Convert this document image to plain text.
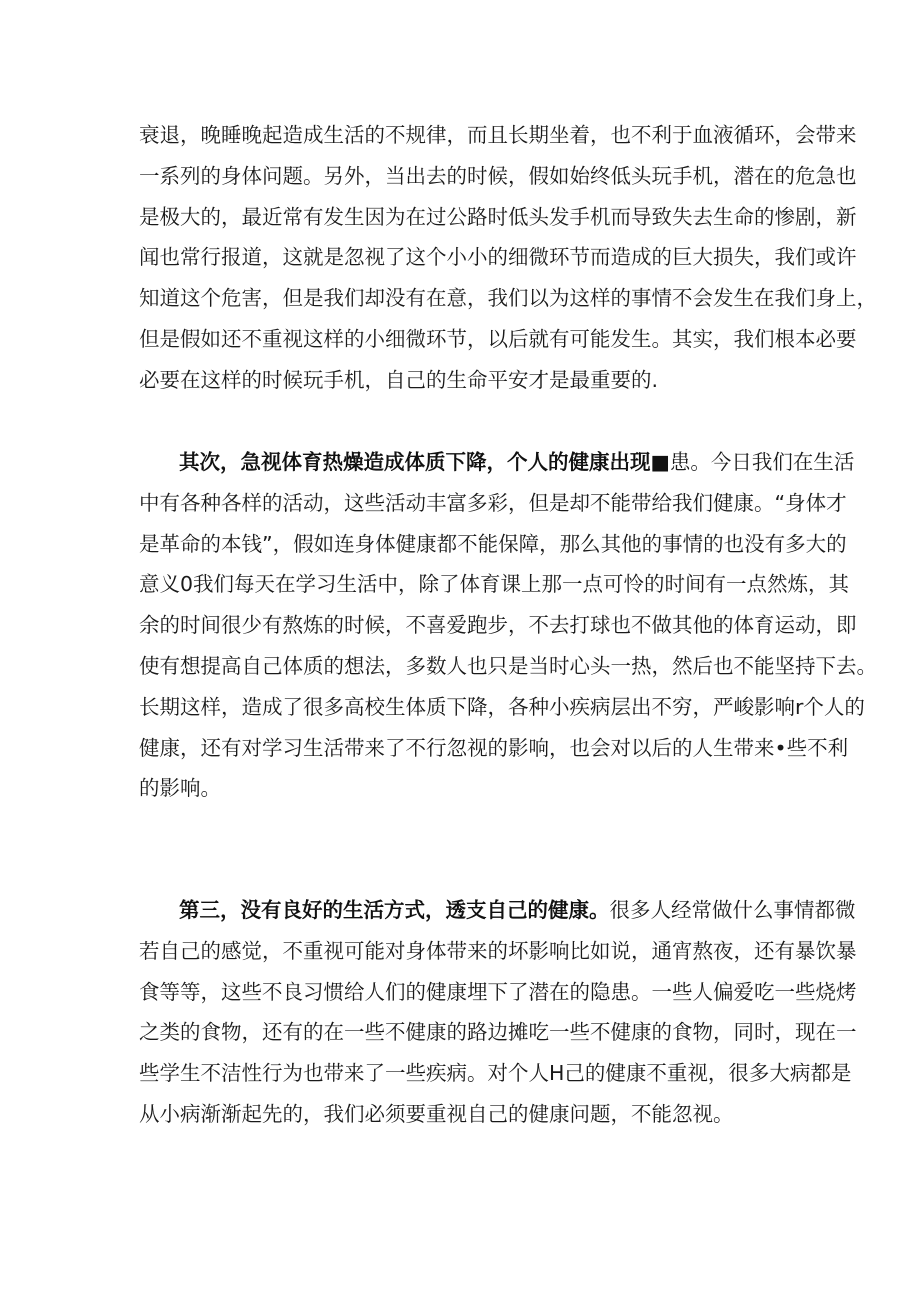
衰退，晚睡晚起造成生活的不规律，而且长期坐着，也不利于血液循环，会带来
一系列的身体问题。另外，当出去的时候，假如始终低头玩手机，潜在的危急也
是极大的，最近常有发生因为在过公路时低头发手机而导致失去生命的惨剧，新
闻也常行报道，这就是忽视了这个小小的细微环节而造成的巨大损失，我们或许
知道这个危害，但是我们却没有在意，我们以为这样的事情不会发生在我们身上，
但是假如还不重视这样的小细微环节，以后就有可能发生。其实，我们根本必要
必要在这样的时候玩手机，自己的生命平安才是最重要的.
其次，急视体育热燥造成体质下降，个人的健康出现■患。今日我们在生活
中有各种各样的活动，这些活动丰富多彩，但是却不能带给我们健康。“身体才
是革命的本钱”，假如连身体健康都不能保障，那么其他的事情的也没有多大的
意义0我们每天在学习生活中，除了体育课上那一点可怜的时间有一点然炼，其
余的时间很少有熬炼的时候，不喜爱跑步，不去打球也不做其他的体育运动，即
使有想提高自己体质的想法，多数人也只是当时心头一热，然后也不能坚持下去。
长期这样，造成了很多高校生体质下降，各种小疾病层出不穷，严峻影响r个人的
健康，还有对学习生活带来了不行忽视的影响，也会对以后的人生带来•些不利
的影响。
第三，没有良好的生活方式，透支自己的健康。很多人经常做什么事情都微
若自己的感觉，不重视可能对身体带来的坏影响比如说，通宵熬夜，还有暴饮暴
食等等，这些不良习惯给人们的健康埋下了潜在的隐患。一些人偏爱吃一些烧烤
之类的食物，还有的在一些不健康的路边摊吃一些不健康的食物，同时，现在一
些学生不洁性行为也带来了一些疾病。对个人H己的健康不重视，很多大病都是
从小病渐渐起先的，我们必须要重视自己的健康问题，不能忽视。
